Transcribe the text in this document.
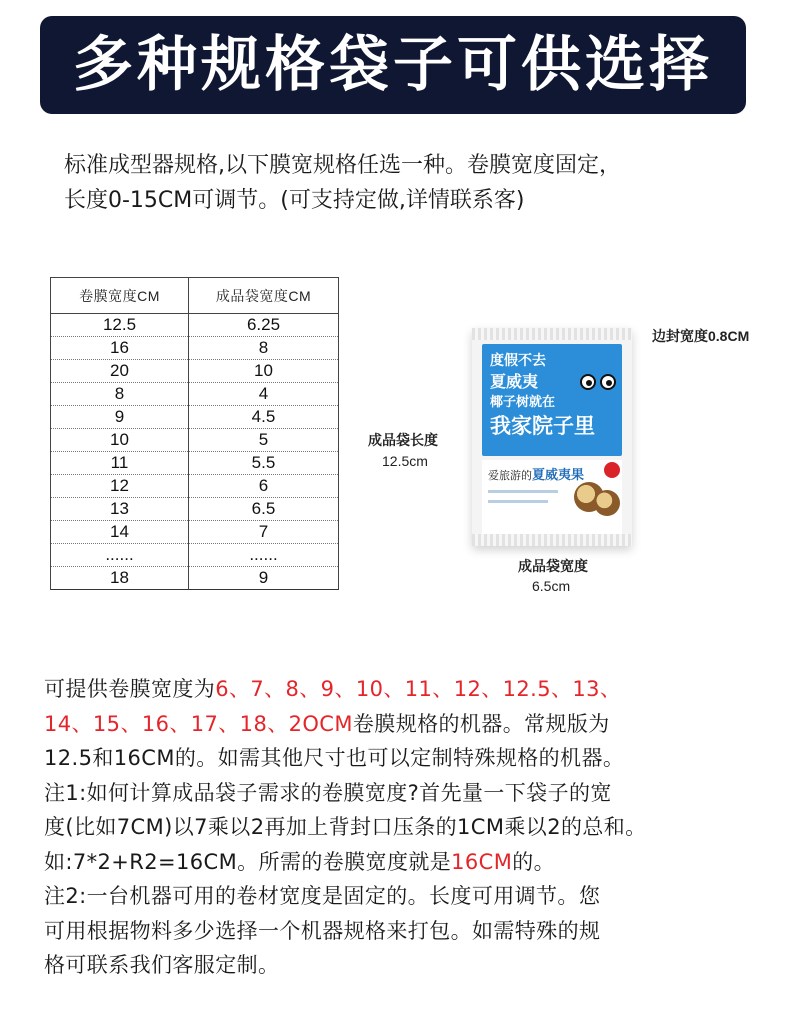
多种规格袋子可供选择

标准成型器规格,以下膜宽规格任选一种。卷膜宽度固定，

长度0-15CM可调节。(可支持定做,详情联系客)

卷膜宽度CM	成品袋宽度CM
12.5	6.25
16	8
20	10
8	4
9	4.5
10	5
11	5.5
12	6
13	6.5
14	7
......	......
18	9
度假不去
夏威夷
椰子树就在
我家院子里
爱旅游的夏威夷果
边封宽度0.8CM
成品袋长度
12.5cm
成品袋宽度
6.5cm

可提供卷膜宽度为6、7、8、9、10、11、12、12.5、13、

14、15、16、17、18、2OCM卷膜规格的机器。常规版为

12.5和16CM的。如需其他尺寸也可以定制特殊规格的机器。

注1:如何计算成品袋子需求的卷膜宽度?首先量一下袋子的宽

度(比如7CM)以7乘以2再加上背封口压条的1CM乘以2的总和。

如:7*2+R2=16CM。所需的卷膜宽度就是16CM的。

注2:一台机器可用的卷材宽度是固定的。长度可用调节。您

可用根据物料多少选择一个机器规格来打包。如需特殊的规

格可联系我们客服定制。
